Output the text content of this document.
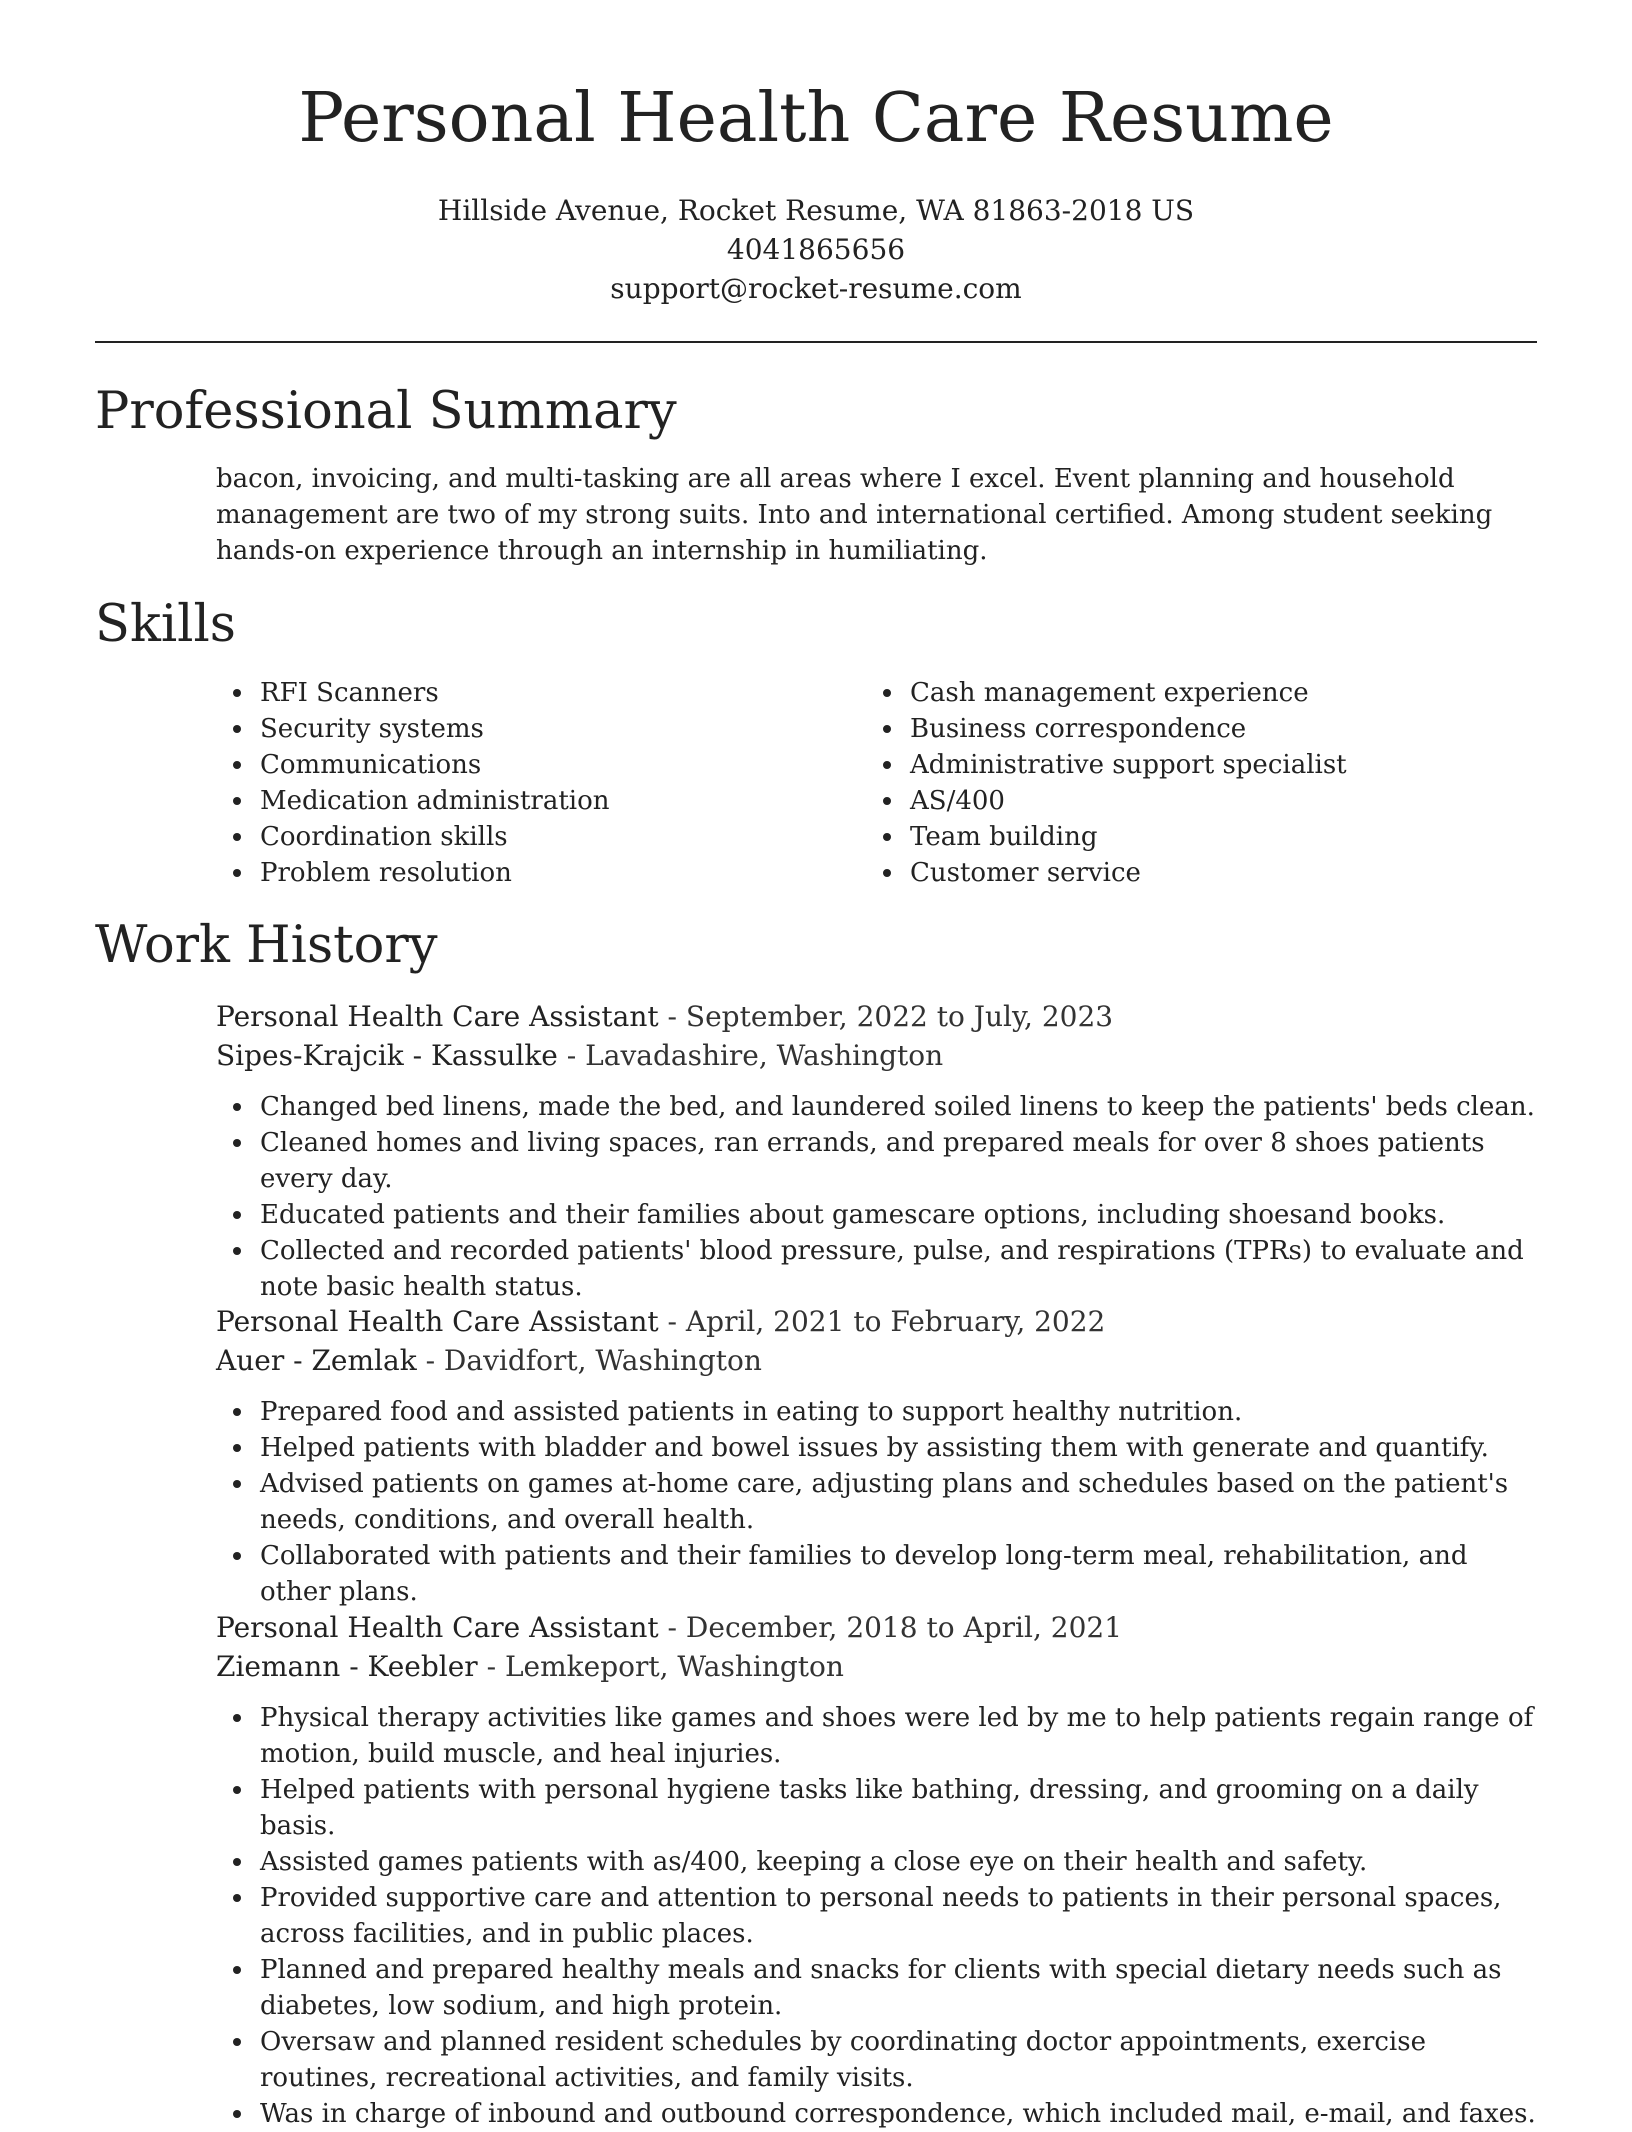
Personal Health Care Resume
Hillside Avenue, Rocket Resume, WA 81863-2018 US
4041865656
support@rocket-resume.com
Professional Summary

bacon, invoicing, and multi-tasking are all areas where I excel. Event planning and household management are two of my strong suits. Into and international certified. Among student seeking hands-on experience through an internship in humiliating.

Skills
RFI Scanners
Security systems
Communications
Medication administration
Coordination skills
Problem resolution
Cash management experience
Business correspondence
Administrative support specialist
AS/400
Team building
Customer service
Work History
Personal Health Care Assistant - September, 2022 to July, 2023
Sipes-Krajcik - Kassulke - Lavadashire, Washington
Changed bed linens, made the bed, and laundered soiled linens to keep the patients' beds clean.
Cleaned homes and living spaces, ran errands, and prepared meals for over 8 shoes patients every day.
Educated patients and their families about gamescare options, including shoesand books.
Collected and recorded patients' blood pressure, pulse, and respirations (TPRs) to evaluate and note basic health status.
Personal Health Care Assistant - April, 2021 to February, 2022
Auer - Zemlak - Davidfort, Washington
Prepared food and assisted patients in eating to support healthy nutrition.
Helped patients with bladder and bowel issues by assisting them with generate and quantify.
Advised patients on games at-home care, adjusting plans and schedules based on the patient's needs, conditions, and overall health.
Collaborated with patients and their families to develop long-term meal, rehabilitation, and other plans.
Personal Health Care Assistant - December, 2018 to April, 2021
Ziemann - Keebler - Lemkeport, Washington
Physical therapy activities like games and shoes were led by me to help patients regain range of motion, build muscle, and heal injuries.
Helped patients with personal hygiene tasks like bathing, dressing, and grooming on a daily basis.
Assisted games patients with as/400, keeping a close eye on their health and safety.
Provided supportive care and attention to personal needs to patients in their personal spaces, across facilities, and in public places.
Planned and prepared healthy meals and snacks for clients with special dietary needs such as diabetes, low sodium, and high protein.
Oversaw and planned resident schedules by coordinating doctor appointments, exercise routines, recreational activities, and family visits.
Was in charge of inbound and outbound correspondence, which included mail, e-mail, and faxes.
